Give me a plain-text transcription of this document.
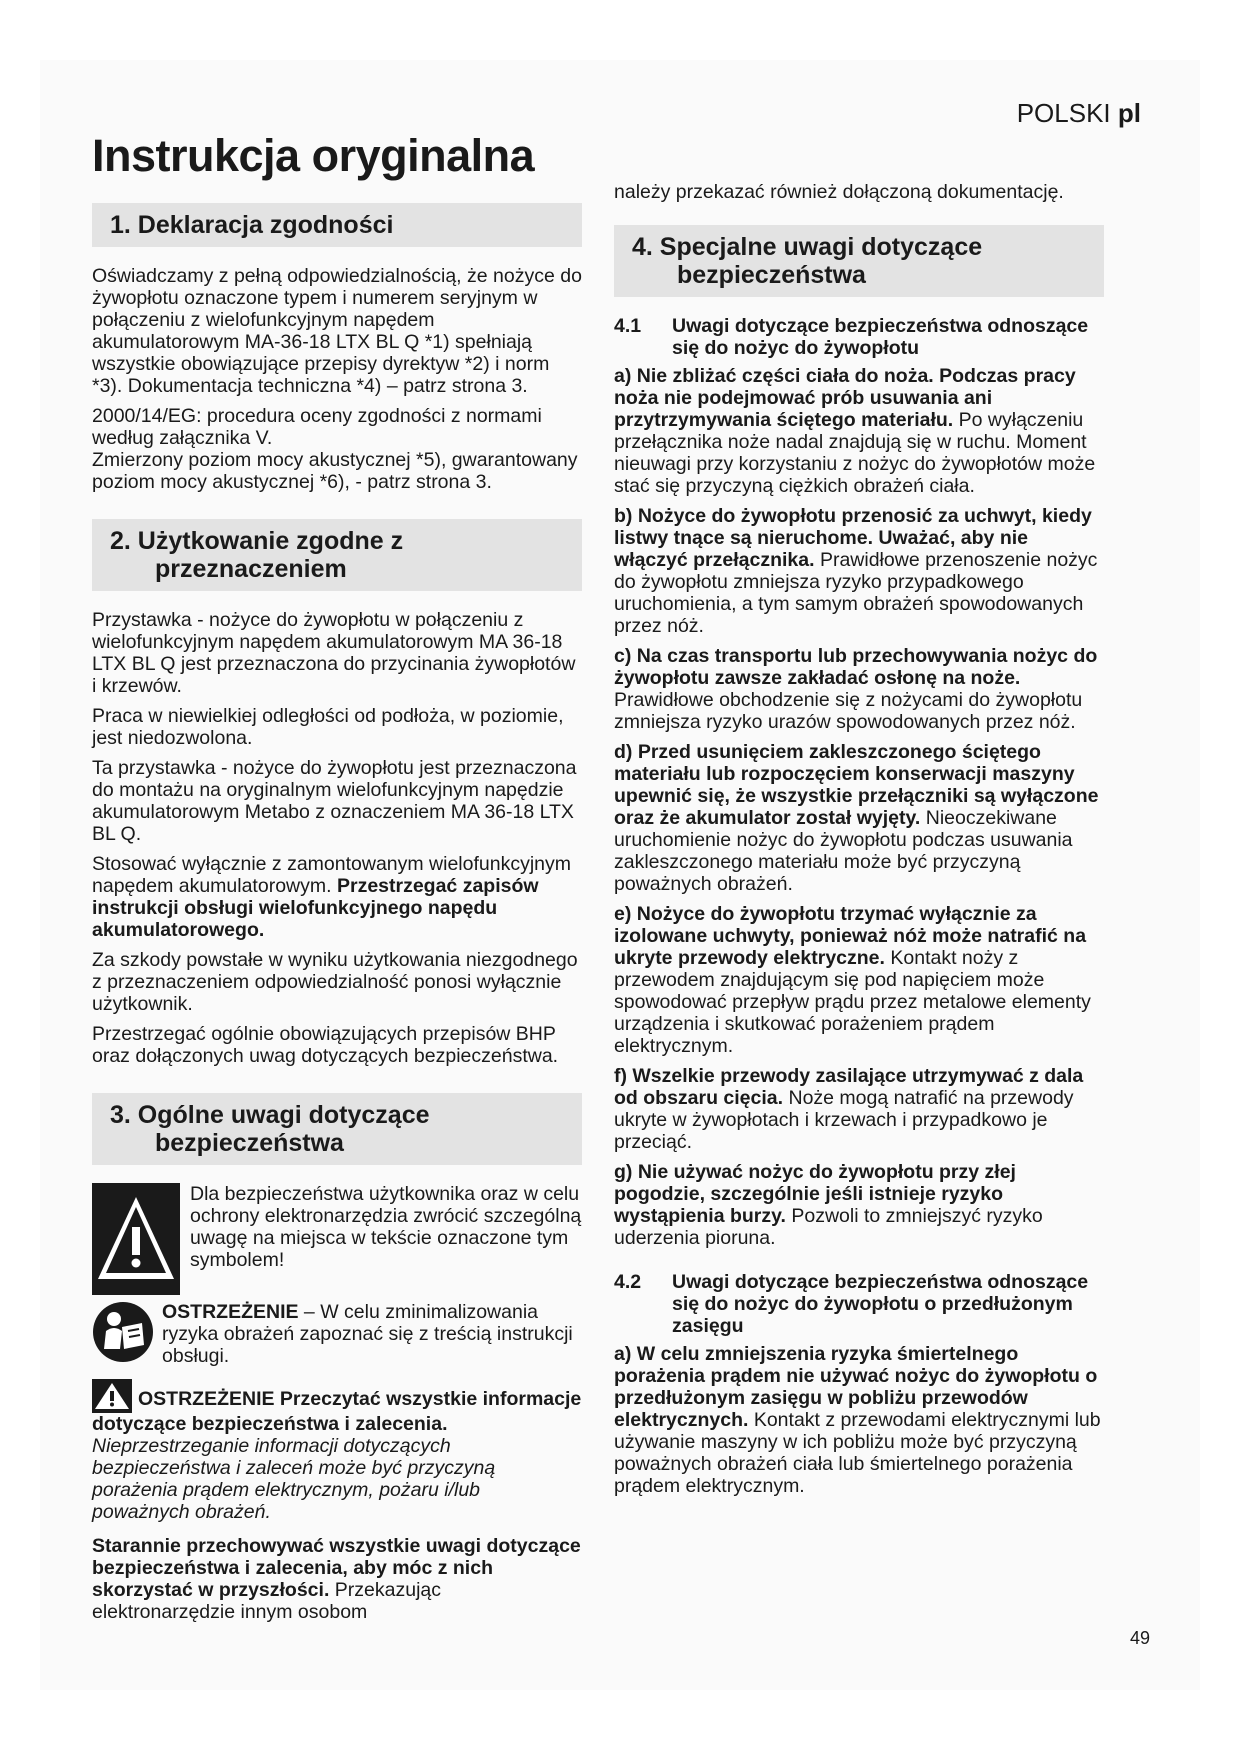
POLSKI pl
Instrukcja oryginalna
1. Deklaracja zgodności

Oświadczamy z pełną odpowiedzialnością, że nożyce do żywopłotu oznaczone typem i numerem seryjnym w połączeniu z wielofunkcyjnym napędem akumulatorowym MA-36-18 LTX BL Q *1) spełniają wszystkie obowiązujące przepisy dyrektyw *2) i norm *3). Dokumentacja techniczna *4) – patrz strona 3.

2000/14/EG: procedura oceny zgodności z normami według załącznika V.

Zmierzony poziom mocy akustycznej *5), gwarantowany poziom mocy akustycznej *6), - patrz strona 3.

2. Użytkowanie zgodne z
przeznaczeniem

Przystawka - nożyce do żywopłotu w połączeniu z wielofunkcyjnym napędem akumulatorowym MA 36-18 LTX BL Q jest przeznaczona do przycinania żywopłotów i krzewów.

Praca w niewielkiej odległości od podłoża, w poziomie, jest niedozwolona.

Ta przystawka - nożyce do żywopłotu jest przeznaczona do montażu na oryginalnym wielofunkcyjnym napędzie akumulatorowym Metabo z oznaczeniem MA 36-18 LTX BL Q.

Stosować wyłącznie z zamontowanym wielofunkcyjnym napędem akumulatorowym. Przestrzegać zapisów instrukcji obsługi wielofunkcyjnego napędu akumulatorowego.

Za szkody powstałe w wyniku użytkowania niezgodnego z przeznaczeniem odpowiedzialność ponosi wyłącznie użytkownik.

Przestrzegać ogólnie obowiązujących przepisów BHP oraz dołączonych uwag dotyczących bezpieczeństwa.

3. Ogólne uwagi dotyczące
bezpieczeństwa

Dla bezpieczeństwa użytkownika oraz w celu ochrony elektronarzędzia zwrócić szczególną uwagę na miejsca w tekście oznaczone tym symbolem!

OSTRZEŻENIE – W celu zminimalizowania ryzyka obrażeń zapoznać się z treścią instrukcji obsługi.

OSTRZEŻENIE Przeczytać wszystkie informacje dotyczące bezpieczeństwa i zalecenia. Nieprzestrzeganie informacji dotyczących bezpieczeństwa i zaleceń może być przyczyną porażenia prądem elektrycznym, pożaru i/lub poważnych obrażeń.

Starannie przechowywać wszystkie uwagi dotyczące bezpieczeństwa i zalecenia, aby móc z nich skorzystać w przyszłości. Przekazując elektronarzędzie innym osobom

należy przekazać również dołączoną dokumentację.

4. Specjalne uwagi dotyczące
bezpieczeństwa
4.1	Uwagi dotyczące bezpieczeństwa odnoszące się do nożyc do żywopłotu

a) Nie zbliżać części ciała do noża. Podczas pracy noża nie podejmować prób usuwania ani przytrzymywania ściętego materiału. Po wyłączeniu przełącznika noże nadal znajdują się w ruchu. Moment nieuwagi przy korzystaniu z nożyc do żywopłotów może stać się przyczyną ciężkich obrażeń ciała.

b) Nożyce do żywopłotu przenosić za uchwyt, kiedy listwy tnące są nieruchome. Uważać, aby nie włączyć przełącznika. Prawidłowe przenoszenie nożyc do żywopłotu zmniejsza ryzyko przypadkowego uruchomienia, a tym samym obrażeń spowodowanych przez nóż.

c) Na czas transportu lub przechowywania nożyc do żywopłotu zawsze zakładać osłonę na noże. Prawidłowe obchodzenie się z nożycami do żywopłotu zmniejsza ryzyko urazów spowodowanych przez nóż.

d) Przed usunięciem zakleszczonego ściętego materiału lub rozpoczęciem konserwacji maszyny upewnić się, że wszystkie przełączniki są wyłączone oraz że akumulator został wyjęty. Nieoczekiwane uruchomienie nożyc do żywopłotu podczas usuwania zakleszczonego materiału może być przyczyną poważnych obrażeń.

e) Nożyce do żywopłotu trzymać wyłącznie za izolowane uchwyty, ponieważ nóż może natrafić na ukryte przewody elektryczne. Kontakt noży z przewodem znajdującym się pod napięciem może spowodować przepływ prądu przez metalowe elementy urządzenia i skutkować porażeniem prądem elektrycznym.

f) Wszelkie przewody zasilające utrzymywać z dala od obszaru cięcia. Noże mogą natrafić na przewody ukryte w żywopłotach i krzewach i przypadkowo je przeciąć.

g) Nie używać nożyc do żywopłotu przy złej pogodzie, szczególnie jeśli istnieje ryzyko wystąpienia burzy. Pozwoli to zmniejszyć ryzyko uderzenia pioruna.

4.2	Uwagi dotyczące bezpieczeństwa odnoszące się do nożyc do żywopłotu o przedłużonym zasięgu

a) W celu zmniejszenia ryzyka śmiertelnego porażenia prądem nie używać nożyc do żywopłotu o przedłużonym zasięgu w pobliżu przewodów elektrycznych. Kontakt z przewodami elektrycznymi lub używanie maszyny w ich pobliżu może być przyczyną poważnych obrażeń ciała lub śmiertelnego porażenia prądem elektrycznym.

49
